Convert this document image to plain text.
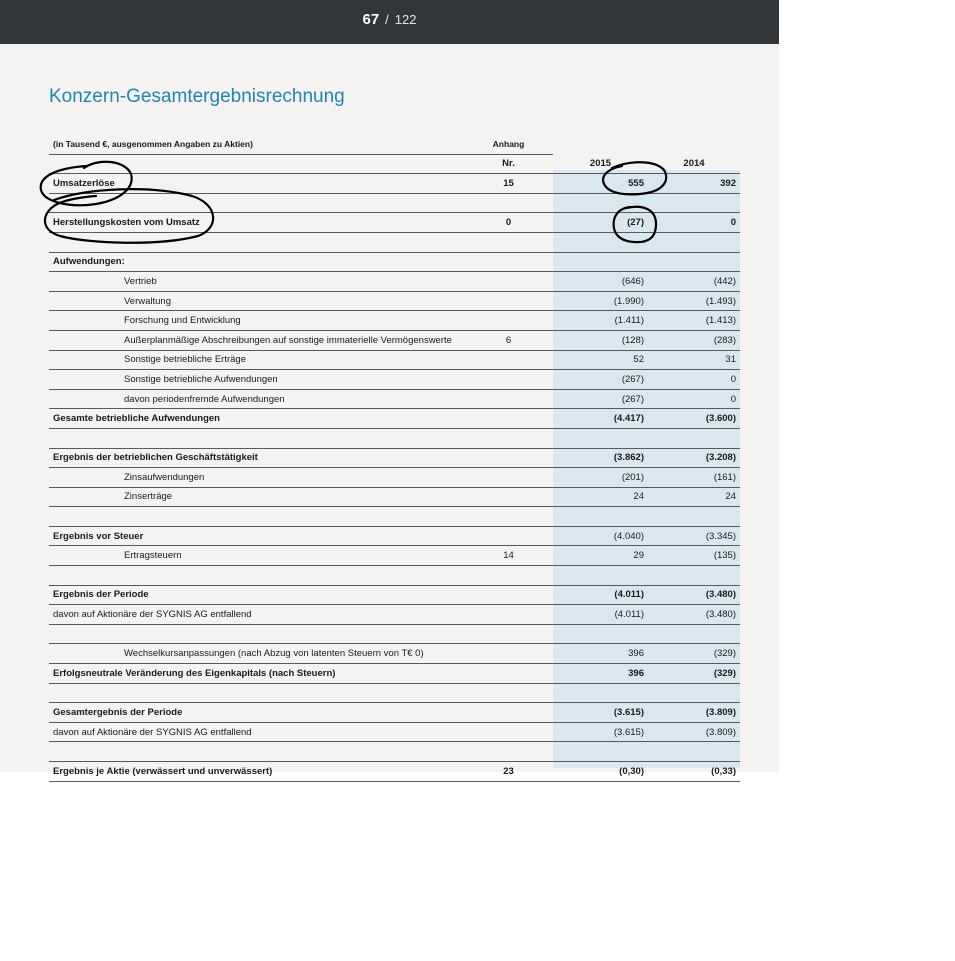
67 / 122
Konzern-Gesamtergebnisrechnung
(in Tausend €, ausgenommen Angaben zu Aktien)	Anhang		
	Nr.	2015	2014
Umsatzerlöse	15	555	392

Herstellungskosten vom Umsatz	0	(27)	0

Aufwendungen:			
Vertrieb		(646)	(442)
Verwaltung		(1.990)	(1.493)
Forschung und Entwicklung		(1.411)	(1.413)
Außerplanmäßige Abschreibungen auf sonstige immaterielle Vermögenswerte	6	(128)	(283)
Sonstige betriebliche Erträge		52	31
Sonstige betriebliche Aufwendungen		(267)	0
davon periodenfremde Aufwendungen		(267)	0
Gesamte betriebliche Aufwendungen		(4.417)	(3.600)

Ergebnis der betrieblichen Geschäftstätigkeit		(3.862)	(3.208)
Zinsaufwendungen		(201)	(161)
Zinserträge		24	24

Ergebnis vor Steuer		(4.040)	(3.345)
Ertragsteuern	14	29	(135)

Ergebnis der Periode		(4.011)	(3.480)
davon auf Aktionäre der SYGNIS AG entfallend		(4.011)	(3.480)

Wechselkursanpassungen (nach Abzug von latenten Steuern von T€ 0)		396	(329)
Erfolgsneutrale Veränderung des Eigenkapitals (nach Steuern)		396	(329)

Gesamtergebnis der Periode		(3.615)	(3.809)
davon auf Aktionäre der SYGNIS AG entfallend		(3.615)	(3.809)

Ergebnis je Aktie (verwässert und unverwässert)	23	(0,30)	(0,33)
